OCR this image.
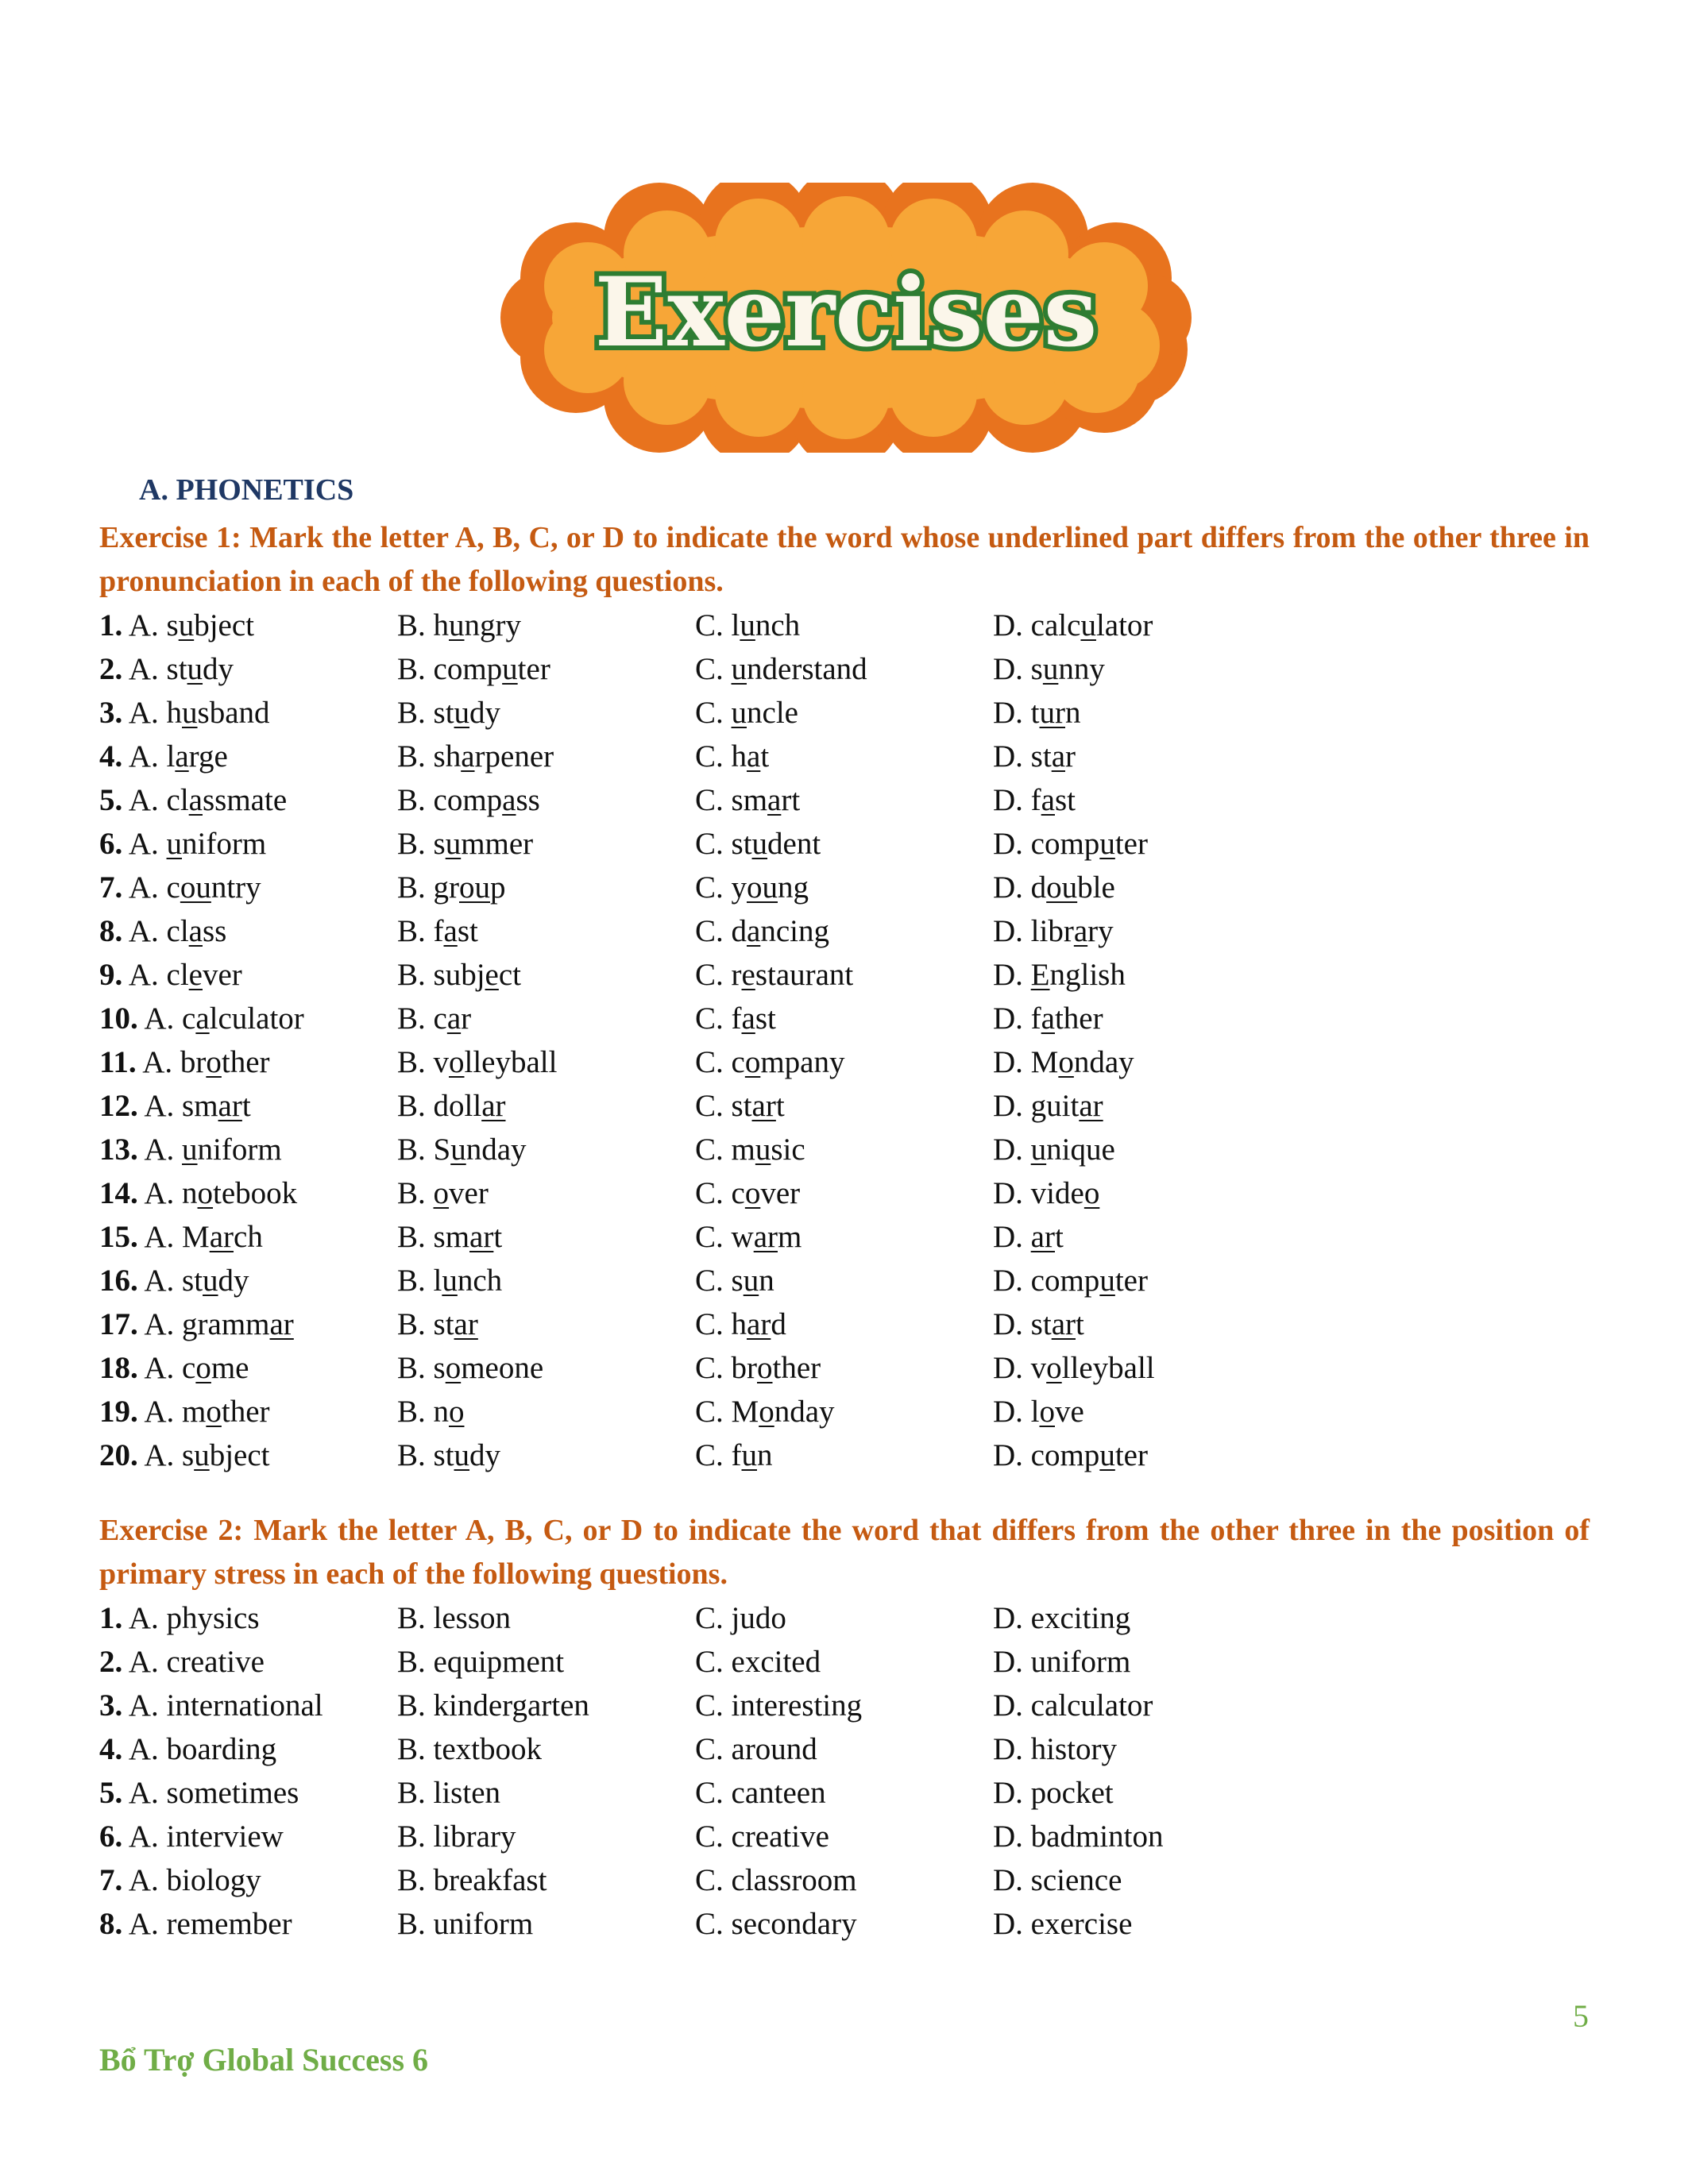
Exercises
A. PHONETICS
Exercise 1: Mark the letter A, B, C, or D to indicate the word whose underlined part differs from the other three in pronunciation in each of the following questions.
1. A. subject	B. hungry	C. lunch	D. calculator
2. A. study	B. computer	C. understand	D. sunny
3. A. husband	B. study	C. uncle	D. turn
4. A. large	B. sharpener	C. hat	D. star
5. A. classmate	B. compass	C. smart	D. fast
6. A. uniform	B. summer	C. student	D. computer
7. A. country	B. group	C. young	D. double
8. A. class	B. fast	C. dancing	D. library
9. A. clever	B. subject	C. restaurant	D. English
10. A. calculator	B. car	C. fast	D. father
11. A. brother	B. volleyball	C. company	D. Monday
12. A. smart	B. dollar	C. start	D. guitar
13. A. uniform	B. Sunday	C. music	D. unique
14. A. notebook	B. over	C. cover	D. video
15. A. March	B. smart	C. warm	D. art
16. A. study	B. lunch	C. sun	D. computer
17. A. grammar	B. star	C. hard	D. start
18. A. come	B. someone	C. brother	D. volleyball
19. A. mother	B. no	C. Monday	D. love
20. A. subject	B. study	C. fun	D. computer
Exercise 2: Mark the letter A, B, C, or D to indicate the word that differs from the other three in the position of primary stress in each of the following questions.
1. A. physics	B. lesson	C. judo	D. exciting
2. A. creative	B. equipment	C. excited	D. uniform
3. A. international B. kindergarten	C. interesting	D. calculator
4. A. boarding	B. textbook	C. around	D. history
5. A. sometimes	B. listen	C. canteen	D. pocket
6. A. interview	B. library	C. creative	D. badminton
7. A. biology	B. breakfast	C. classroom	D. science
8. A. remember	B. uniform	C. secondary	D. exercise
5
Bổ Trợ Global Success 6
